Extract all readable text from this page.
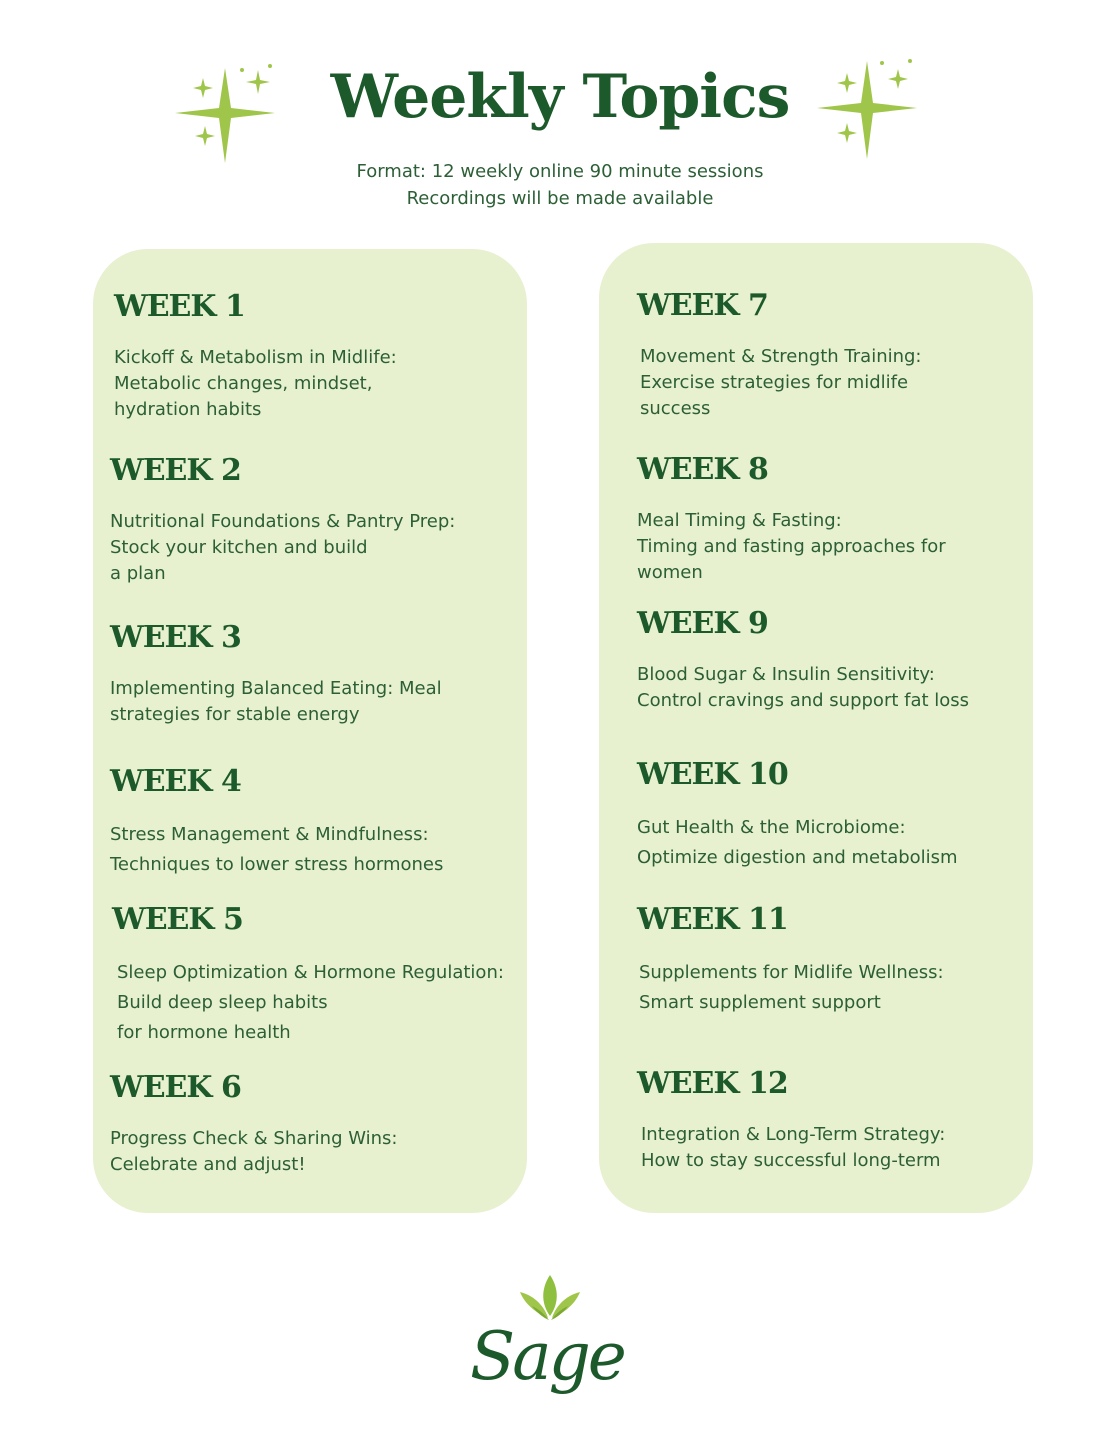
Weekly Topics

Format: 12 weekly online 90 minute sessions

Recordings will be made available

WEEK 1

Kickoff & Metabolism in Midlife:
Metabolic changes, mindset,
hydration habits

WEEK 2

Nutritional Foundations & Pantry Prep:
Stock your kitchen and build
a plan

WEEK 3

Implementing Balanced Eating: Meal
strategies for stable energy

WEEK 4

Stress Management & Mindfulness:
Techniques to lower stress hormones

WEEK 5

Sleep Optimization & Hormone Regulation:
Build deep sleep habits
for hormone health

WEEK 6

Progress Check & Sharing Wins:
Celebrate and adjust!

WEEK 7

Movement & Strength Training:
Exercise strategies for midlife
success

WEEK 8

Meal Timing & Fasting:
Timing and fasting approaches for
women

WEEK 9

Blood Sugar & Insulin Sensitivity:
Control cravings and support fat loss

WEEK 10

Gut Health & the Microbiome:
Optimize digestion and metabolism

WEEK 11

Supplements for Midlife Wellness:
Smart supplement support

WEEK 12

Integration & Long-Term Strategy:
How to stay successful long-term

Sage
